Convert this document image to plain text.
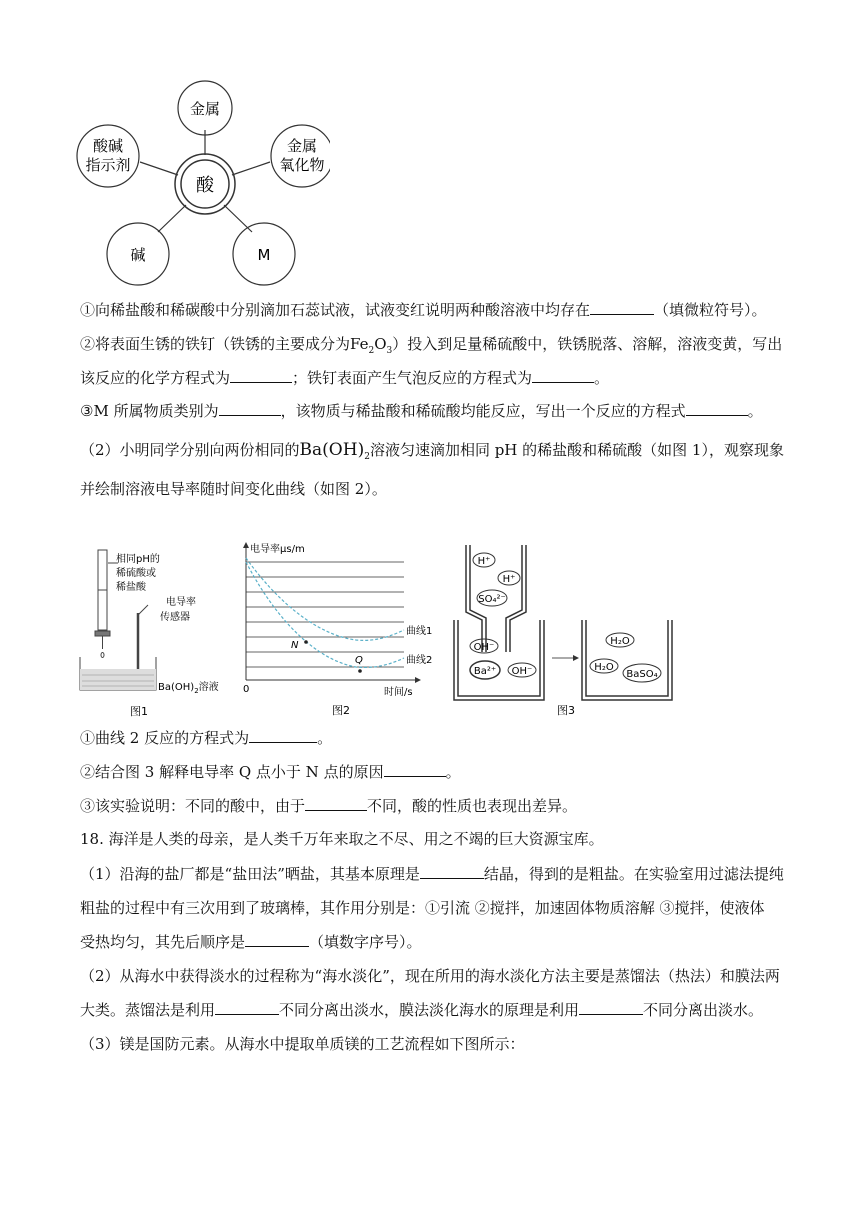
酸
金属
酸碱
指示剂
金属
氧化物
碱	M
①向稀盐酸和稀碳酸中分别滴加石蕊试液，试液变红说明两种酸溶液中均存在	（填微粒符号）。
②将表面生锈的铁钉（铁锈的主要成分为$Fe_2O_3$）投入到足量稀硫酸中，铁锈脱落、溶解，溶液变黄，写出
该反应的化学方程式为	；铁钉表面产生气泡反应的方程式为	。
③M 所属物质类别为	，该物质与稀盐酸和稀硫酸均能反应，写出一个反应的方程式	。
（2）小明同学分别向两份相同的$Ba(OH)_2$溶液匀速滴加相同 pH 的稀盐酸和稀硫酸（如图 1），观察现象
并绘制溶液电导率随时间变化曲线（如图 2）。
相同pH的
稀硫酸或
稀盐酸
电导率
传感器
$Ba(OH)_2$溶液
图1
电导率μs/m
时间/s
0
曲线1
曲线2
N
Q
图2
H⁺
H⁺
SO₄²⁻
OH⁻
Ba²⁺ OH⁻
H₂O
H₂O
BaSO₄
图3
①曲线 2 反应的方程式为	。
②结合图 3 解释电导率 Q 点小于 N 点的原因	。
③该实验说明：不同的酸中，由于	不同，酸的性质也表现出差异。
18. 海洋是人类的母亲，是人类千万年来取之不尽、用之不竭的巨大资源宝库。
（1）沿海的盐厂都是“盐田法”晒盐，其基本原理是	结晶，得到的是粗盐。在实验室用过滤法提纯
粗盐的过程中有三次用到了玻璃棒，其作用分别是：①引流 ②搅拌，加速固体物质溶解 ③搅拌，使液体
受热均匀，其先后顺序是	（填数字序号）。
（2）从海水中获得淡水的过程称为“海水淡化”，现在所用的海水淡化方法主要是蒸馏法（热法）和膜法两
大类。蒸馏法是利用	不同分离出淡水，膜法淡化海水的原理是利用	不同分离出淡水。
（3）镁是国防元素。从海水中提取单质镁的工艺流程如下图所示：
